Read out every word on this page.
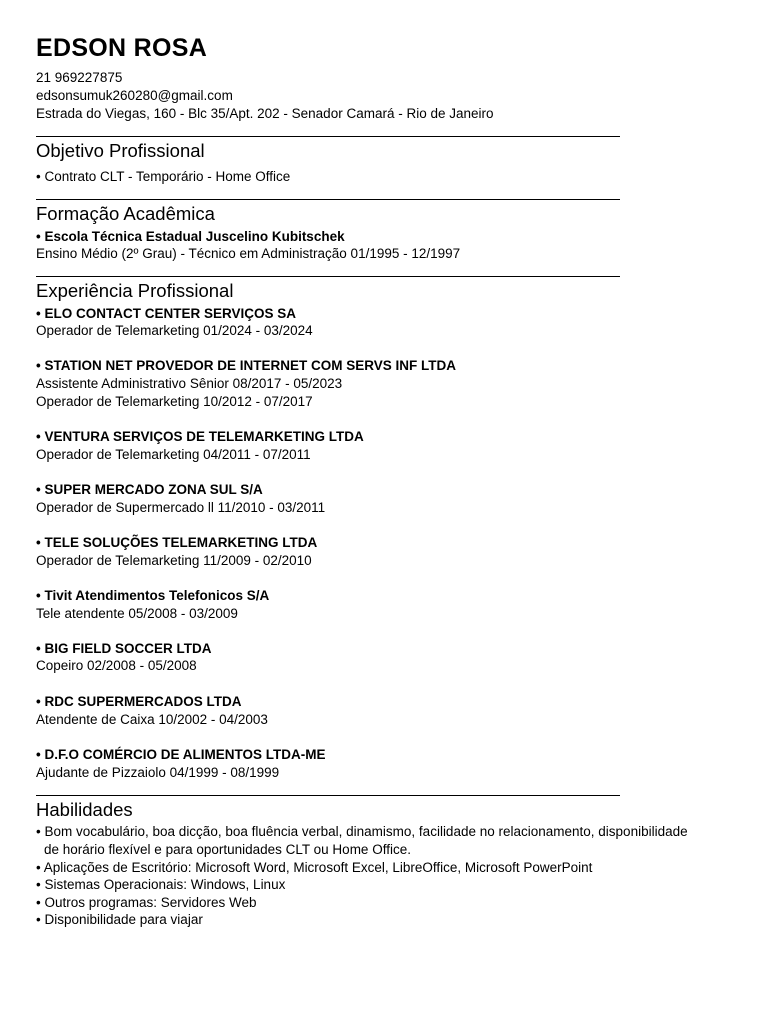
EDSON ROSA
21 969227875
edsonsumuk260280@gmail.com
Estrada do Viegas, 160 - Blc 35/Apt. 202 - Senador Camará - Rio de Janeiro
Objetivo Profissional
• Contrato CLT - Temporário - Home Office
Formação Acadêmica
• Escola Técnica Estadual Juscelino Kubitschek
Ensino Médio (2º Grau) - Técnico em Administração 01/1995 - 12/1997
Experiência Profissional
• ELO CONTACT CENTER SERVIÇOS SA
Operador de Telemarketing 01/2024 - 03/2024
• STATION NET PROVEDOR DE INTERNET COM SERVS INF LTDA
Assistente Administrativo Sênior 08/2017 - 05/2023
Operador de Telemarketing 10/2012 - 07/2017
• VENTURA SERVIÇOS DE TELEMARKETING LTDA
Operador de Telemarketing 04/2011 - 07/2011
• SUPER MERCADO ZONA SUL S/A
Operador de Supermercado ll 11/2010 - 03/2011
• TELE SOLUÇÕES TELEMARKETING LTDA
Operador de Telemarketing 11/2009 - 02/2010
• Tivit Atendimentos Telefonicos S/A
Tele atendente 05/2008 - 03/2009
• BIG FIELD SOCCER LTDA
Copeiro 02/2008 - 05/2008
• RDC SUPERMERCADOS LTDA
Atendente de Caixa 10/2002 - 04/2003
• D.F.O COMÉRCIO DE ALIMENTOS LTDA-ME
Ajudante de Pizzaiolo 04/1999 - 08/1999
Habilidades
• Bom vocabulário, boa dicção, boa fluência verbal, dinamismo, facilidade no relacionamento, disponibilidade
de horário flexível e para oportunidades CLT ou Home Office.
• Aplicações de Escritório: Microsoft Word, Microsoft Excel, LibreOffice, Microsoft PowerPoint
• Sistemas Operacionais: Windows, Linux
• Outros programas: Servidores Web
• Disponibilidade para viajar
